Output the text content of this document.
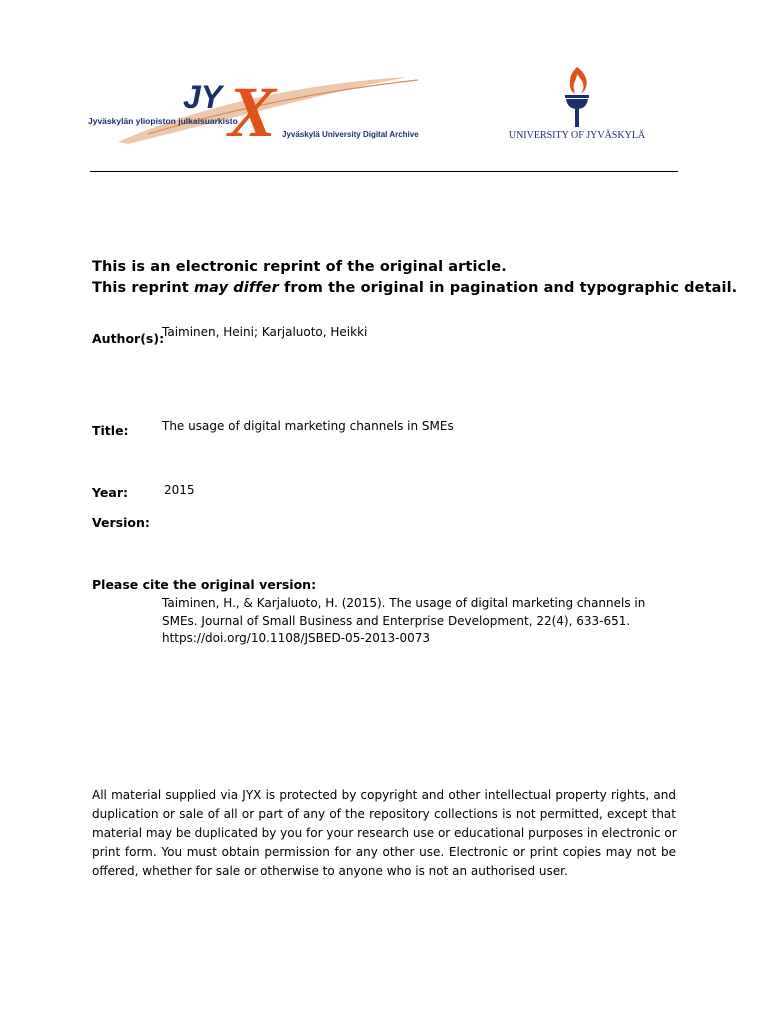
JY X
Jyväskylän yliopiston julkaisuarkisto
Jyväskylä University Digital Archive	UNIVERSITY OF JYVÄSKYLÄ
This is an electronic reprint of the original article.
This reprint may differ from the original in pagination and typographic detail.
Author(s):
Taiminen, Heini; Karjaluoto, Heikki
Title:	The usage of digital marketing channels in SMEs
Year:	2015
Version:
Please cite the original version:
Taiminen, H., & Karjaluoto, H. (2015). The usage of digital marketing channels in
SMEs. Journal of Small Business and Enterprise Development, 22(4), 633-651.
https://doi.org/10.1108/JSBED-05-2013-0073
All material supplied via JYX is protected by copyright and other intellectual property rights, and
duplication or sale of all or part of any of the repository collections is not permitted, except that
material may be duplicated by you for your research use or educational purposes in electronic or
print form. You must obtain permission for any other use. Electronic or print copies may not be
offered, whether for sale or otherwise to anyone who is not an authorised user.
